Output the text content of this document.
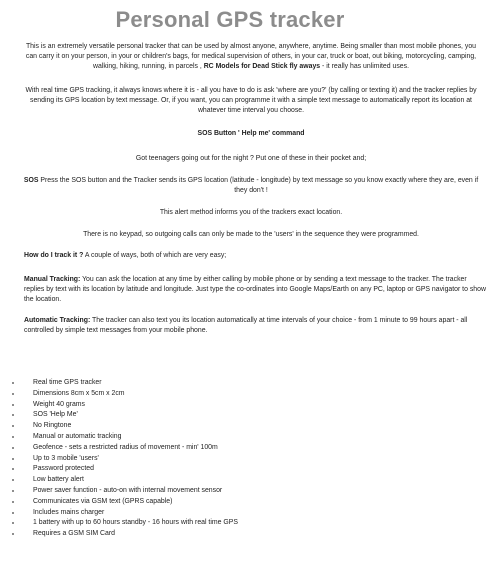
Personal GPS tracker
This is an extremely versatile personal tracker that can be used by almost anyone, anywhere, anytime. Being smaller than most mobile phones, you can carry it on your person, in your or children's bags, for medical supervision of others, in your car, truck or boat, out biking, motorcycling, camping, walking, hiking, running, in parcels , RC Models for Dead Stick fly aways - it really has unlimited uses.
With real time GPS tracking, it always knows where it is - all you have to do is ask 'where are you?' (by calling or texting it) and the tracker replies by sending its GPS location by text message. Or, if you want, you can programme it with a simple text message to automatically report its location at whatever time interval you choose.
SOS Button ' Help me' command
Got teenagers going out for the night ? Put one of these in their pocket and;
SOS Press the SOS button and the Tracker sends its GPS location (latitude - longitude) by text message so you know exactly where they are, even if they don't !
This alert method informs you of the trackers exact location.
There is no keypad, so outgoing calls can only be made to the 'users' in the sequence they were programmed.
How do I track it ? A couple of ways, both of which are very easy;
Manual Tracking: You can ask the location at any time by either calling by mobile phone or by sending a text message to the tracker. The tracker replies by text with its location by latitude and longitude. Just type the co-ordinates into Google Maps/Earth on any PC, laptop or GPS navigator to show the location.
Automatic Tracking: The tracker can also text you its location automatically at time intervals of your choice - from 1 minute to 99 hours apart - all controlled by simple text messages from your mobile phone.
Real time GPS tracker
Dimensions 8cm x 5cm x 2cm
Weight 40 grams
SOS 'Help Me'
No Ringtone
Manual or automatic tracking
Geofence - sets a restricted radius of movement - min' 100m
Up to 3 mobile 'users'
Password protected
Low battery alert
Power saver function - auto-on with internal movement sensor
Communicates via GSM text (GPRS capable)
Includes mains charger
1 battery with up to 60 hours standby - 16 hours with real time GPS
Requires a GSM SIM Card
